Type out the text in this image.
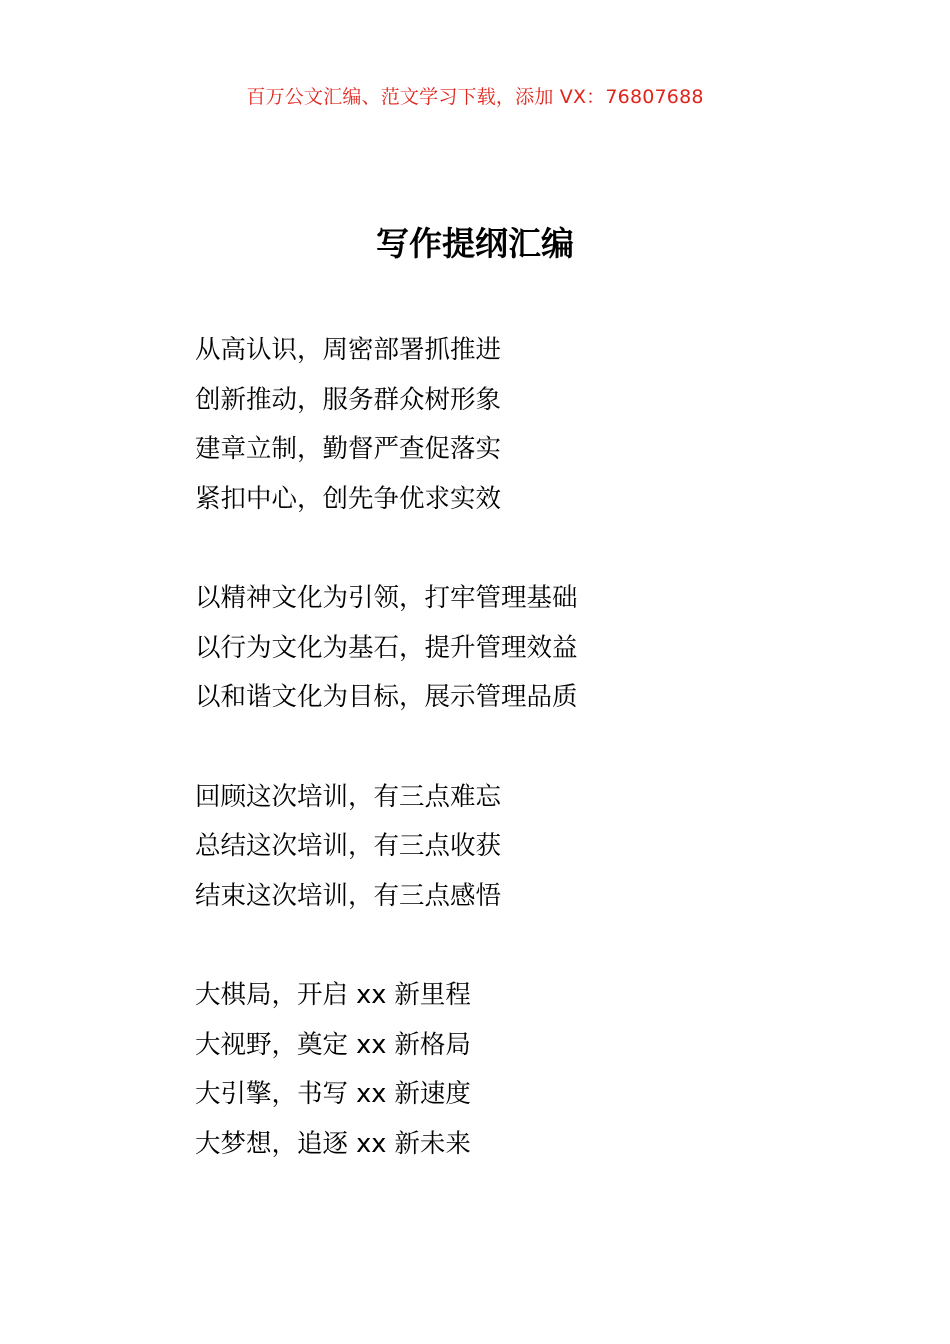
百万公文汇编、范文学习下载，添加 VX：76807688
写作提纲汇编
从高认识，周密部署抓推进
创新推动，服务群众树形象
建章立制，勤督严查促落实
紧扣中心，创先争优求实效
以精神文化为引领，打牢管理基础
以行为文化为基石，提升管理效益
以和谐文化为目标，展示管理品质
回顾这次培训，有三点难忘
总结这次培训，有三点收获
结束这次培训，有三点感悟
大棋局，开启 xx 新里程
大视野，奠定 xx 新格局
大引擎，书写 xx 新速度
大梦想，追逐 xx 新未来
